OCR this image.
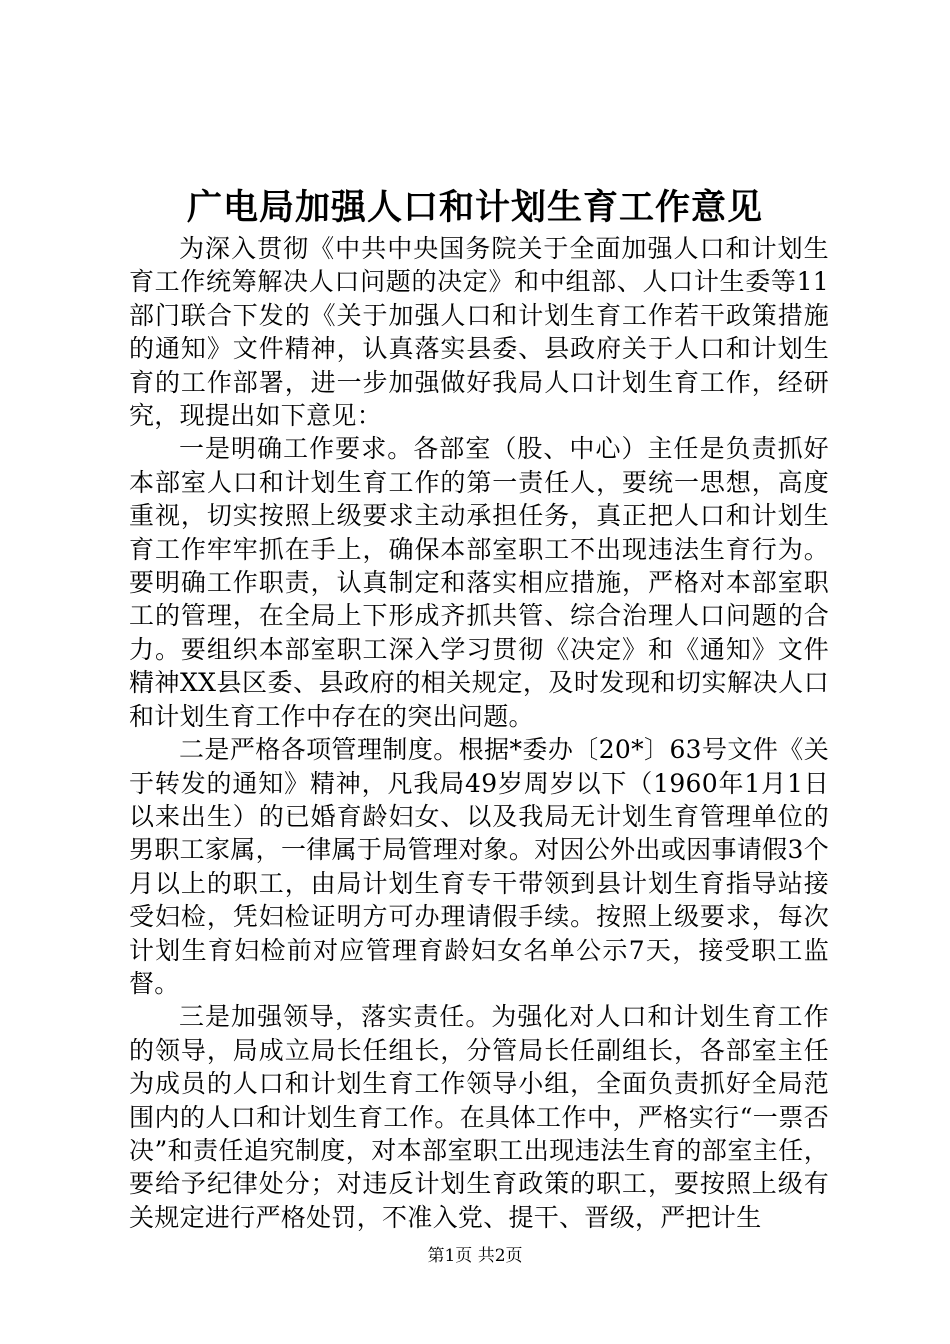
广电局加强人口和计划生育工作意见

为深入贯彻《中共中央国务院关于全面加强人口和计划生育工作统筹解决人口问题的决定》和中组部、人口计生委等11部门联合下发的《关于加强人口和计划生育工作若干政策措施的通知》文件精神，认真落实县委、县政府关于人口和计划生育的工作部署，进一步加强做好我局人口计划生育工作，经研究，现提出如下意见：

一是明确工作要求。各部室（股、中心）主任是负责抓好本部室人口和计划生育工作的第一责任人，要统一思想，高度重视，切实按照上级要求主动承担任务，真正把人口和计划生育工作牢牢抓在手上，确保本部室职工不出现违法生育行为。要明确工作职责，认真制定和落实相应措施，严格对本部室职工的管理，在全局上下形成齐抓共管、综合治理人口问题的合力。要组织本部室职工深入学习贯彻《决定》和《通知》文件精神XX县区委、县政府的相关规定，及时发现和切实解决人口和计划生育工作中存在的突出问题。

二是严格各项管理制度。根据*委办〔20*〕63号文件《关于转发的通知》精神，凡我局49岁周岁以下（1960年1月1日以来出生）的已婚育龄妇女、以及我局无计划生育管理单位的男职工家属，一律属于局管理对象。对因公外出或因事请假3个月以上的职工，由局计划生育专干带领到县计划生育指导站接受妇检，凭妇检证明方可办理请假手续。按照上级要求，每次计划生育妇检前对应管理育龄妇女名单公示7天，接受职工监督。

三是加强领导，落实责任。为强化对人口和计划生育工作的领导，局成立局长任组长，分管局长任副组长，各部室主任为成员的人口和计划生育工作领导小组，全面负责抓好全局范围内的人口和计划生育工作。在具体工作中，严格实行“一票否决”和责任追究制度，对本部室职工出现违法生育的部室主任，要给予纪律处分；对违反计划生育政策的职工，要按照上级有关规定进行严格处罚，不准入党、提干、晋级，严把计生

第1页 共2页
